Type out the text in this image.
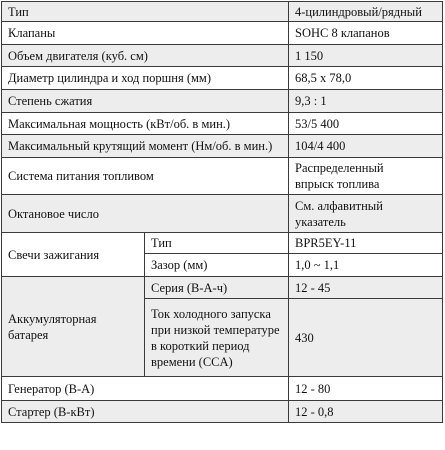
Тип		4-цилиндровый/рядный
Клапаны		SOHC 8 клапанов
Объем двигателя (куб. см)		1 150
Диаметр цилиндра и ход поршня (мм)		68,5 x 78,0
Степень сжатия		9,3 : 1
Максимальная мощность (кВт/об. в мин.)		53/5 400
Максимальный крутящий момент (Нм/об. в мин.)		104/4 400
Система питания топливом		Распределенный
впрыск топлива

Октановое число		См. алфавитный
указатель

Свечи зажигания	Тип	BPR5EY-11
	Зазор (мм)	1,0 ~ 1,1

Аккумуляторная
батарея	Серия (В-А-ч)	12 - 45

	Ток холодного запуска
при низкой температуре
в короткий период
времени (CCA)	430
Генератор (В-А)		12 - 80
Стартер (В-кВт)		12 - 0,8
